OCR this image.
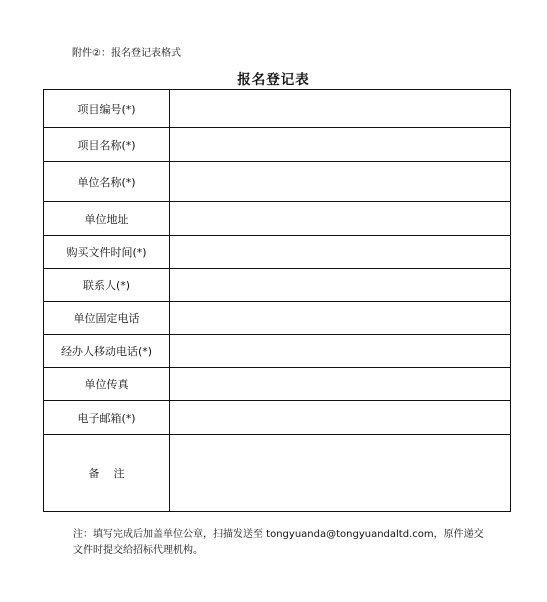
附件②：报名登记表格式
报名登记表
项目编号(*)	
项目名称(*)	
单位名称(*)	
单位地址	
购买文件时间(*)	
联系人(*)	
单位固定电话	
经办人移动电话(*)	
单位传真	
电子邮箱(*)	
备    注	
注：填写完成后加盖单位公章，扫描发送至 tongyuanda@tongyuandaltd.com，原件递交
文件时提交给招标代理机构。
